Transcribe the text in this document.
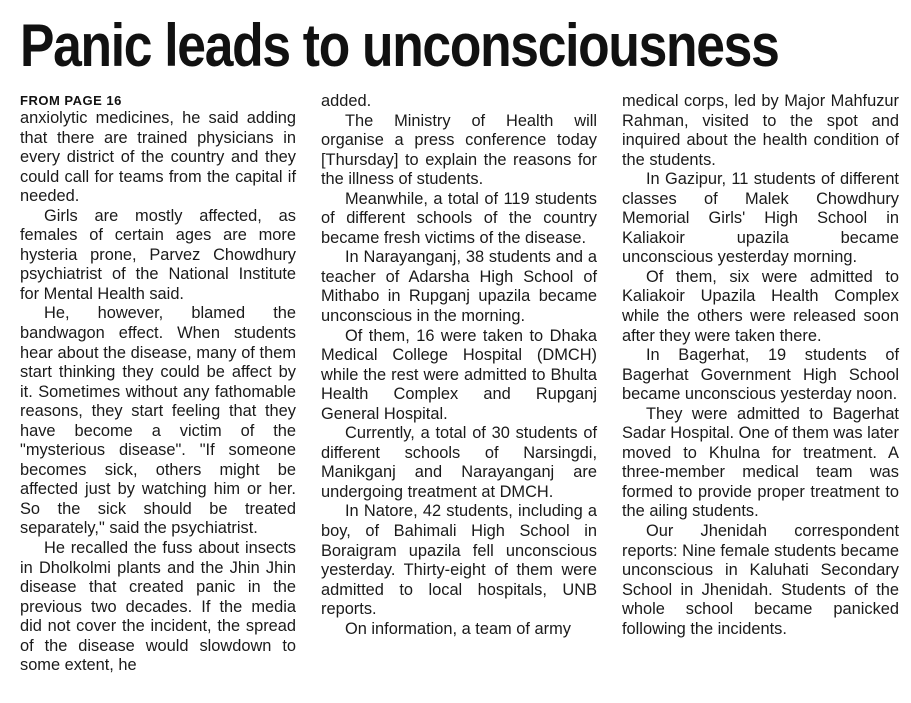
Panic leads to unconsciousness
FROM PAGE 16

anxiolytic medicines, he said adding that there are trained physicians in every district of the country and they could call for teams from the capital if needed.

Girls are mostly affected, as females of certain ages are more hysteria prone, Parvez Chowdhury psychiatrist of the National Institute for Mental Health said.

He, however, blamed the bandwagon effect. When students hear about the disease, many of them start thinking they could be affect by it. Sometimes without any fathomable reasons, they start feeling that they have become a victim of the "mysterious disease". "If someone becomes sick, others might be affected just by watching him or her. So the sick should be treated separately," said the psychiatrist.

He recalled the fuss about insects in Dholkolmi plants and the Jhin Jhin disease that created panic in the previous two decades. If the media did not cover the incident, the spread of the disease would slowdown to some extent, he

added.

The Ministry of Health will organise a press conference today [Thursday] to explain the reasons for the illness of students.

Meanwhile, a total of 119 students of different schools of the country became fresh victims of the disease.

In Narayanganj, 38 students and a teacher of Adarsha High School of Mithabo in Rupganj upazila became unconscious in the morning.

Of them, 16 were taken to Dhaka Medical College Hospital (DMCH) while the rest were admitted to Bhulta Health Complex and Rupganj General Hospital.

Currently, a total of 30 students of different schools of Narsingdi, Manikganj and Narayanganj are undergoing treatment at DMCH.

In Natore, 42 students, including a boy, of Bahimali High School in Boraigram upazila fell unconscious yesterday. Thirty-eight of them were admitted to local hospitals, UNB reports.

On information, a team of army

medical corps, led by Major Mahfuzur Rahman, visited to the spot and inquired about the health condition of the students.

In Gazipur, 11 students of different classes of Malek Chowdhury Memorial Girls' High School in Kaliakoir upazila became unconscious yesterday morning.

Of them, six were admitted to Kaliakoir Upazila Health Complex while the others were released soon after they were taken there.

In Bagerhat, 19 students of Bagerhat Government High School became unconscious yesterday noon.

They were admitted to Bagerhat Sadar Hospital. One of them was later moved to Khulna for treatment. A three-member medical team was formed to provide proper treatment to the ailing students.

Our Jhenidah correspondent reports: Nine female students became unconscious in Kaluhati Secondary School in Jhenidah. Students of the whole school became panicked following the incidents.
